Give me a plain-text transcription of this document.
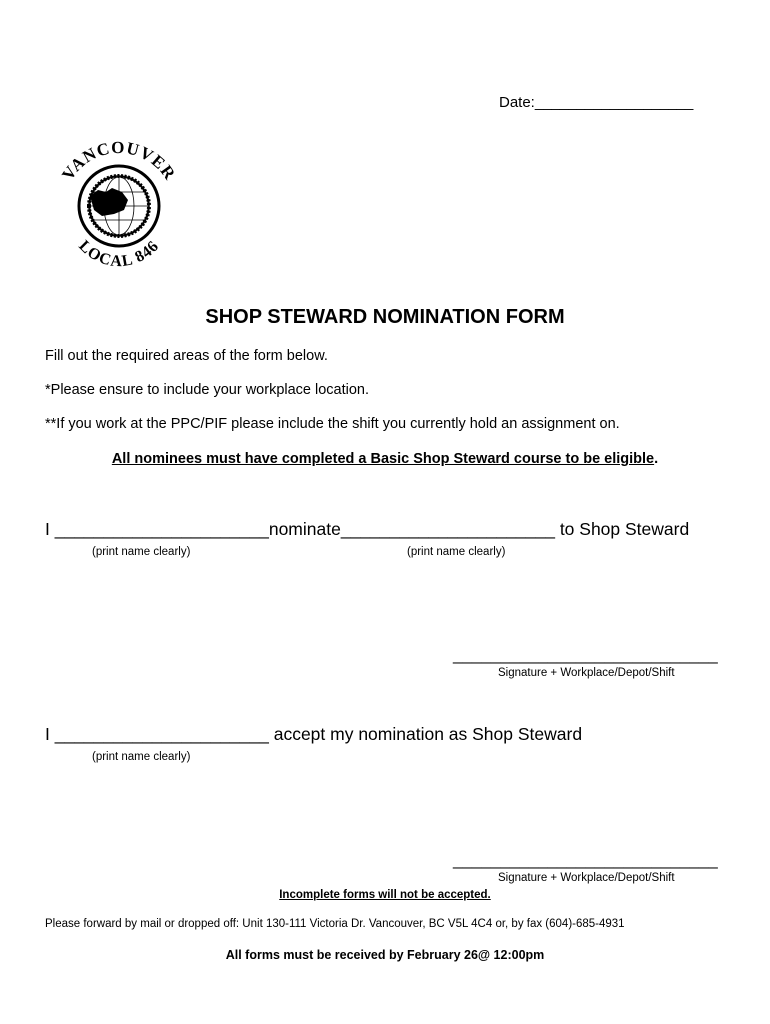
Date:___________________
VANCOUVER
LOCAL 846
SHOP STEWARD NOMINATION FORM
Fill out the required areas of the form below.
*Please ensure to include your workplace location.
**If you work at the PPC/PIF please include the shift you currently hold an assignment on.
All nominees must have completed a Basic Shop Steward course to be eligible.
I ______________________nominate______________________ to Shop Steward
(print name clearly)	(print name clearly)
____________________________
Signature + Workplace/Depot/Shift
I ______________________ accept my nomination as Shop Steward
(print name clearly)
____________________________
Signature + Workplace/Depot/Shift
Incomplete forms will not be accepted.
Please forward by mail or dropped off: Unit 130-111 Victoria Dr. Vancouver, BC V5L 4C4 or, by fax (604)-685-4931
All forms must be received by February 26@ 12:00pm
